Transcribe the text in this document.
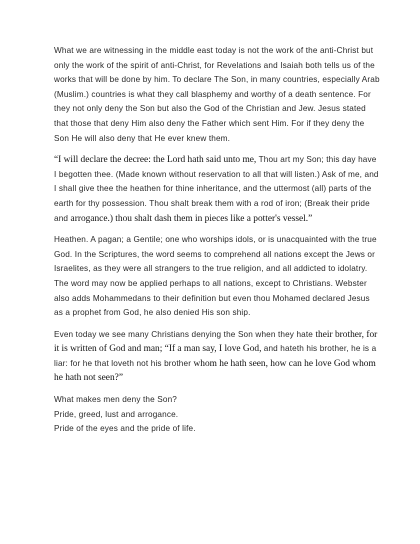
What we are witnessing in the middle east today is not the work of the anti-Christ but only the work of the spirit of anti-Christ, for Revelations and Isaiah both tells us of the works that will be done by him. To declare The Son, in many countries, especially Arab (Muslim.) countries is what they call blasphemy and worthy of a death sentence. For they not only deny the Son but also the God of the Christian and Jew. Jesus stated that those that deny Him also deny the Father which sent Him. For if they deny the Son He will also deny that He ever knew them.

“I will declare the decree: the Lord hath said unto me, Thou art my Son; this day have I begotten thee. (Made known without reservation to all that will listen.) Ask of me, and I shall give thee the heathen for thine inheritance, and the uttermost (all) parts of the earth for thy possession. Thou shalt break them with a rod of iron; (Break their pride and arrogance.) thou shalt dash them in pieces like a potter's vessel.”

Heathen. A pagan; a Gentile; one who worships idols, or is unacquainted with the true God. In the Scriptures, the word seems to comprehend all nations except the Jews or Israelites, as they were all strangers to the true religion, and all addicted to idolatry. The word may now be applied perhaps to all nations, except to Christians. Webster also adds Mohammedans to their definition but even thou Mohamed declared Jesus as a prophet from God, he also denied His son ship.

Even today we see many Christians denying the Son when they hate their brother, for it is written of God and man; “If a man say, I love God, and hateth his brother, he is a liar: for he that loveth not his brother whom he hath seen, how can he love God whom he hath not seen?”

What makes men deny the Son?
Pride, greed, lust and arrogance.
Pride of the eyes and the pride of life.
